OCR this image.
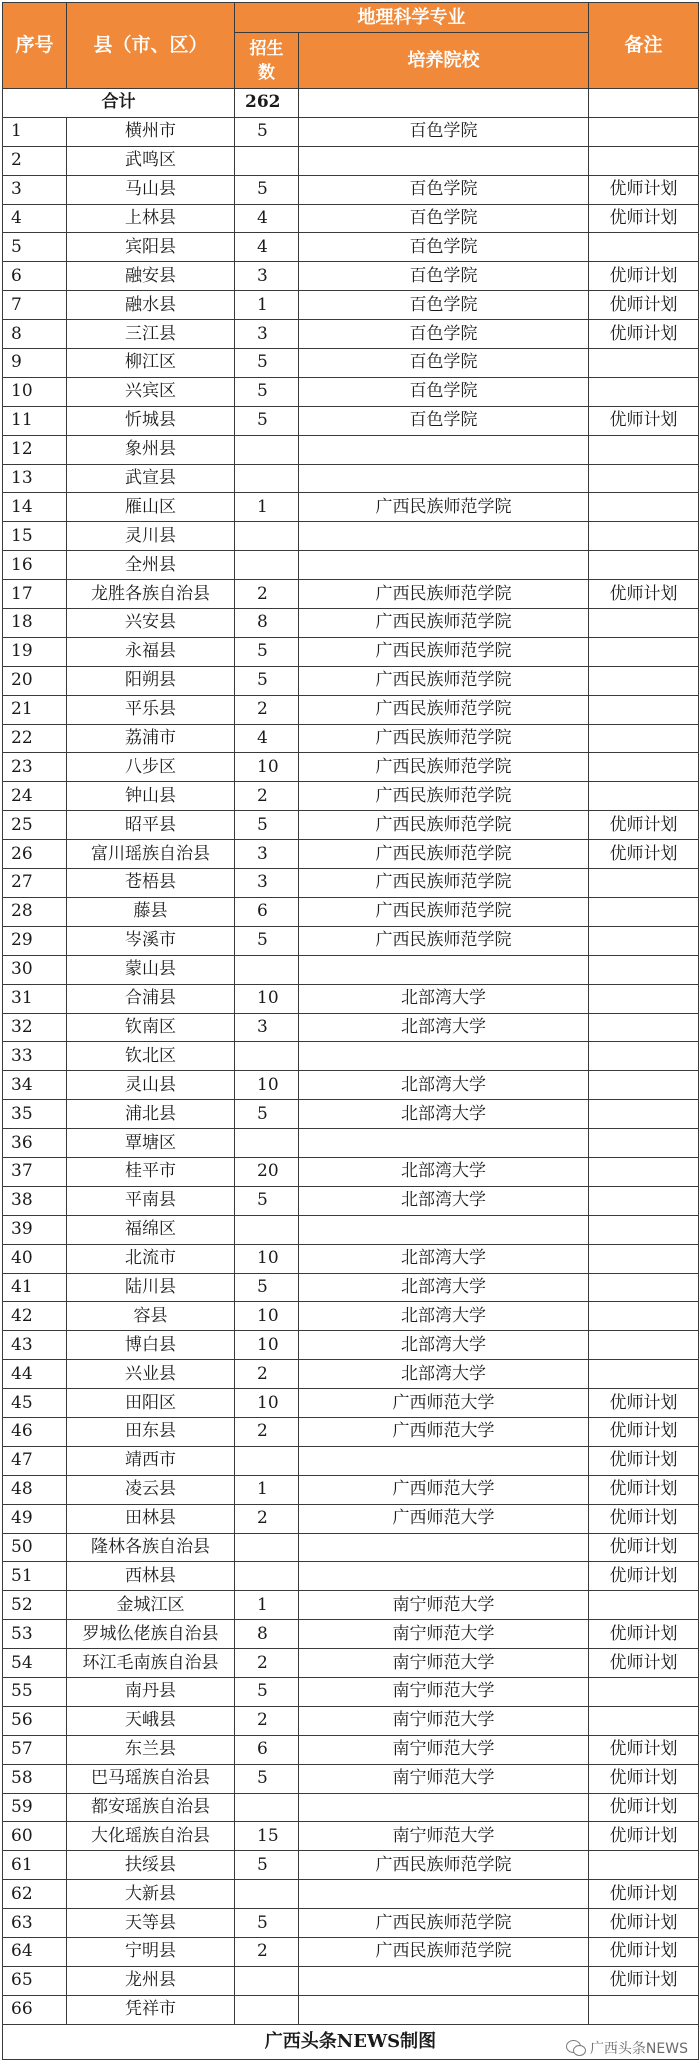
序号	县（市、区）	地理科学专业		备注
		招生数	培养院校	
合计		262		
1	横州市	5	百色学院	
2	武鸣区			
3	马山县	5	百色学院	优师计划
4	上林县	4	百色学院	优师计划
5	宾阳县	4	百色学院	
6	融安县	3	百色学院	优师计划
7	融水县	1	百色学院	优师计划
8	三江县	3	百色学院	优师计划
9	柳江区	5	百色学院	
10	兴宾区	5	百色学院	
11	忻城县	5	百色学院	优师计划
12	象州县			
13	武宣县			
14	雁山区	1	广西民族师范学院	
15	灵川县			
16	全州县			
17	龙胜各族自治县	2	广西民族师范学院	优师计划
18	兴安县	8	广西民族师范学院	
19	永福县	5	广西民族师范学院	
20	阳朔县	5	广西民族师范学院	
21	平乐县	2	广西民族师范学院	
22	荔浦市	4	广西民族师范学院	
23	八步区	10	广西民族师范学院	
24	钟山县	2	广西民族师范学院	
25	昭平县	5	广西民族师范学院	优师计划
26	富川瑶族自治县	3	广西民族师范学院	优师计划
27	苍梧县	3	广西民族师范学院	
28	藤县	6	广西民族师范学院	
29	岑溪市	5	广西民族师范学院	
30	蒙山县			
31	合浦县	10	北部湾大学	
32	钦南区	3	北部湾大学	
33	钦北区			
34	灵山县	10	北部湾大学	
35	浦北县	5	北部湾大学	
36	覃塘区			
37	桂平市	20	北部湾大学	
38	平南县	5	北部湾大学	
39	福绵区			
40	北流市	10	北部湾大学	
41	陆川县	5	北部湾大学	
42	容县	10	北部湾大学	
43	博白县	10	北部湾大学	
44	兴业县	2	北部湾大学	
45	田阳区	10	广西师范大学	优师计划
46	田东县	2	广西师范大学	优师计划
47	靖西市			优师计划
48	凌云县	1	广西师范大学	优师计划
49	田林县	2	广西师范大学	优师计划
50	隆林各族自治县			优师计划
51	西林县			优师计划
52	金城江区	1	南宁师范大学	
53	罗城仫佬族自治县	8	南宁师范大学	优师计划
54	环江毛南族自治县	2	南宁师范大学	优师计划
55	南丹县	5	南宁师范大学	
56	天峨县	2	南宁师范大学	
57	东兰县	6	南宁师范大学	优师计划
58	巴马瑶族自治县	5	南宁师范大学	优师计划
59	都安瑶族自治县			优师计划
60	大化瑶族自治县	15	南宁师范大学	优师计划
61	扶绥县	5	广西民族师范学院	
62	大新县			优师计划
63	天等县	5	广西民族师范学院	优师计划
64	宁明县	2	广西民族师范学院	优师计划
65	龙州县			优师计划
66	凭祥市			
广西头条NEWS制图					广西头条NEWS
